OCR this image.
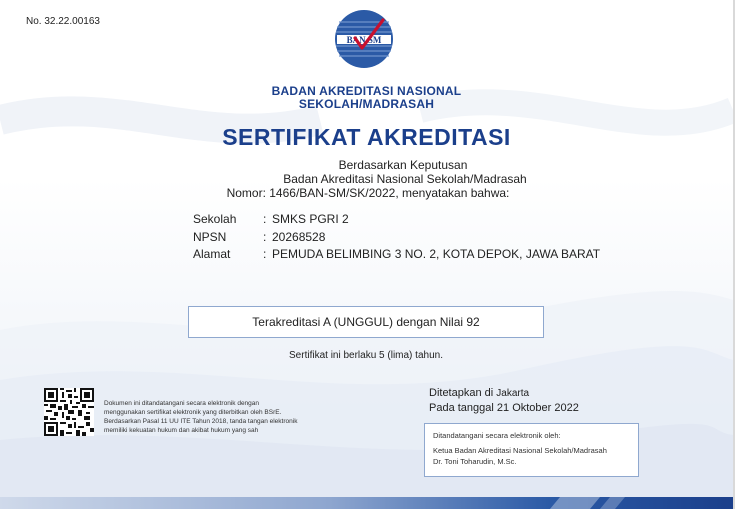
No. 32.22.00163
BAN SM
BADAN AKREDITASI NASIONAL
SEKOLAH/MADRASAH
SERTIFIKAT AKREDITASI
Berdasarkan Keputusan
Badan Akreditasi Nasional Sekolah/Madrasah
Nomor: 1466/BAN-SM/SK/2022, menyatakan bahwa:
Sekolah : SMKS PGRI 2
NPSN	: 20268528
Alamat	: PEMUDA BELIMBING 3 NO. 2, KOTA DEPOK, JAWA BARAT
Terakreditasi A (UNGGUL) dengan Nilai 92
Sertifikat ini berlaku 5 (lima) tahun.
Dokumen ini ditandatangani secara elektronik dengan
menggunakan sertifikat elektronik yang diterbitkan oleh BSrE.
Berdasarkan Pasal 11 UU ITE Tahun 2018, tanda tangan elektronik
memiliki kekuatan hukum dan akibat hukum yang sah
Ditetapkan di Jakarta
Pada tanggal 21 Oktober 2022
Ditandatangani secara elektronik oleh:
Ketua Badan Akreditasi Nasional Sekolah/Madrasah
Dr. Toni Toharudin, M.Sc.
